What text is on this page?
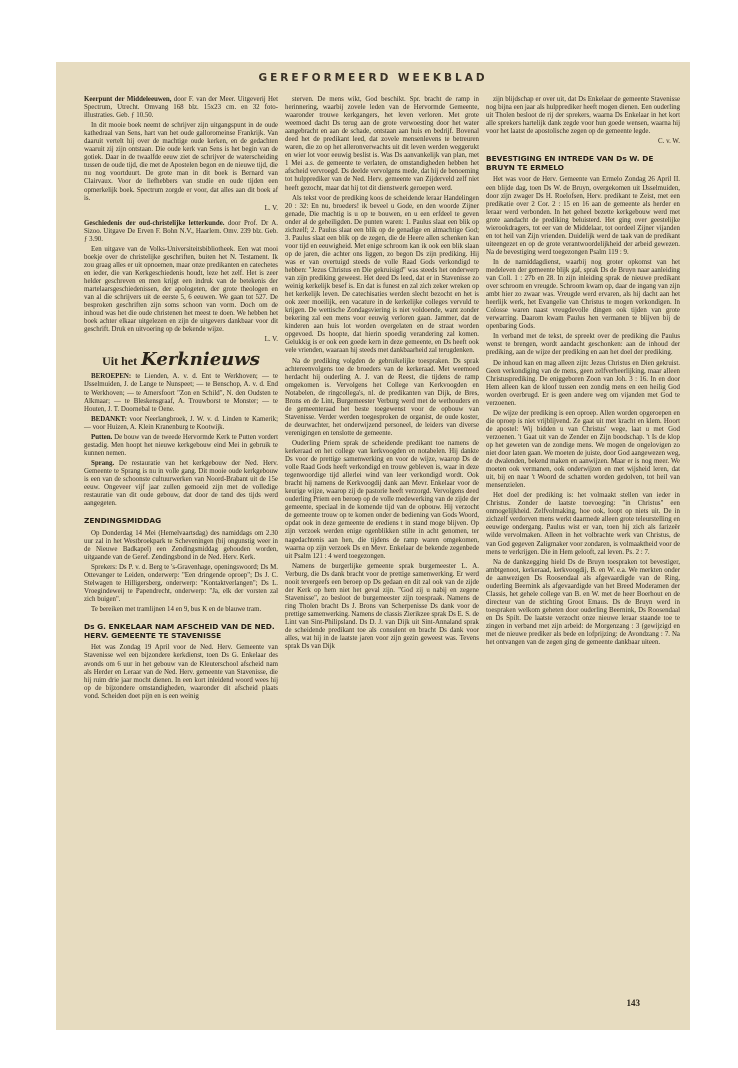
GEREFORMEERD WEEKBLAD

Keerpunt der Middeleeuwen, door F. van der Meer. Uitgeverij Het Spectrum, Utrecht. Omvang 168 blz. 15x23 cm. en 32 foto-illustraties. Geb. ƒ 10.50.

In dit mooie boek neemt de schrijver zijn uitgangspunt in de oude kathedraal van Sens, hart van het oude galloromeinse Frankrijk. Van daaruit vertelt hij over de machtige oude kerken, en de gedachten waaruit zij zijn ontstaan. Die oude kerk van Sens is het begin van de gotiek. Daar in de twaalfde eeuw ziet de schrijver de waterscheiding tussen de oude tijd, die met de Apostelen begon en de nieuwe tijd, die nu nog voortduurt. De grote man in dit boek is Bernard van Clairvaux. Voor de liefhebbers van studie en oude tijden een opmerkelijk boek. Spectrum zorgde er voor, dat alles aan dit boek af is.

L. V.

Geschiedenis der oud-christelijke letterkunde. door Prof. Dr A. Sizoo. Uitgave De Erven F. Bohn N.V., Haarlem. Omv. 239 blz. Geb. ƒ 3.90.

Een uitgave van de Volks-Universiteitsbibliotheek. Een wat mooi boekje over de christelijke geschriften, buiten het N. Testament. Ik zou graag alles er uit opnoemen, maar onze predikanten en catechetes en ieder, die van Kerkgeschiedenis houdt, leze het zelf. Het is zeer helder geschreven en men krijgt een indruk van de betekenis der martelaarsgeschiedenissen, der apologeten, der grote theologen en van al die schrijvers uit de eerste 5, 6 eeuwen. We gaan tot 527. De besproken geschriften zijn soms schoon van vorm. Doch om de inhoud was het die oude christenen het meest te doen. We hebben het boek achter elkaar uitgelezen en zijn de uitgevers dankbaar voor dit geschrift. Druk en uitvoering op de bekende wijze.

L. V.
Uit het Kerknieuws

BEROEPEN: te Lienden, A. v. d. Ent te Werkhoven; — te IJsselmuiden, J. de Lange te Nunspeet; — te Benschop, A. v. d. End te Werkhoven; — te Amersfoort "Zon en Schild", N. den Oudsten te Alkmaar; — te Bleskensgraaf, A. Trouwborst te Monster; — te Houten, J. T. Doornebal te Oene.

BEDANKT: voor Neerlangbroek, J. W. v. d. Linden te Kamerik; — voor Huizen, A. Klein Kranenburg te Kootwijk.

Putten. De bouw van de tweede Hervormde Kerk te Putten vordert gestadig. Men hoopt het nieuwe kerkgebouw eind Mei in gebruik te kunnen nemen.

Sprang. De restauratie van het kerkgebouw der Ned. Herv. Gemeente te Sprang is nu in volle gang. Dit mooie oude kerkgebouw is een van de schoonste cultuurwerken van Noord-Brabant uit de 15e eeuw. Ongeveer vijf jaar zullen gemoeid zijn met de volledige restauratie van dit oude gebouw, dat door de tand des tijds werd aangegeten.

ZENDINGSMIDDAG

Op Donderdag 14 Mei (Hemelvaartsdag) des namiddags om 2.30 uur zal in het Westbroekpark te Scheveningen (bij ongunstig weer in de Nieuwe Badkapel) een Zendingsmiddag gehouden worden, uitgaande van de Geref. Zendingsbond in de Ned. Herv. Kerk.

Sprekers: Ds P. v. d. Berg te 's-Gravenhage, openingswoord; Ds M. Ottevanger te Leiden, onderwerp: "Een dringende oproep"; Ds J. C. Stelwagen te Hilligersberg, onderwerp: "Kontaktverlangen"; Ds L. Vroegindeweij te Papendrecht, onderwerp: "Ja, elk der vorsten zal zich buigen".

Te bereiken met tramlijnen 14 en 9, bus K en de blauwe tram.

Ds G. ENKELAAR NAM AFSCHEID VAN DE NED. HERV. GEMEENTE TE STAVENISSE

Het was Zondag 19 April voor de Ned. Herv. Gemeente van Stavenisse wel een bijzondere kerkdienst, toen Ds G. Enkelaar des avonds om 6 uur in het gebouw van de Kleuterschool afscheid nam als Herder en Leraar van de Ned. Herv. gemeente van Stavenisse, die hij ruim drie jaar mocht dienen. In een kort inleidend woord wees hij op de bijzondere omstandigheden, waaronder dit afscheid plaats vond. Scheiden doet pijn en is een weinig

sterven. De mens wikt, God beschikt. Spr. bracht de ramp in herinnering, waarbij zovele leden van de Hervormde Gemeente, waaronder trouwe kerkgangers, het leven verloren. Met grote weemoed dacht Ds terug aan de grote verwoesting door het water aangebracht en aan de schade, ontstaan aan huis en bedrijf. Bovenal deed het de predikant leed, dat zovele mensenlevens te betreuren waren, die zo op het alleronverwachts uit dit leven werden weggerukt en wier lot voor eeuwig beslist is. Was Ds aanvankelijk van plan, met 1 Mei a.s. de gemeente te verlaten, de omstandigheden hebben het afscheid vervroegd. Ds deelde vervolgens mede, dat hij de benoeming tot hulpprediker van de Ned. Herv. gemeente van Zijderveld zelf niet heeft gezocht, maar dat hij tot dit dienstwerk geroepen werd.

Als tekst voor de prediking koos de scheidende leraar Handelingen 20 : 32: En nu, broeders! ik beveel u Gode, en den woorde Zijner genade, Die machtig is u op te bouwen, en u een erfdeel te geven onder al de geheiligden. De punten waren: 1. Paulus slaat een blik op zichzelf; 2. Paulus slaat een blik op de genadige en almachtige God; 3. Paulus slaat een blik op de zegen, die de Heere allen schenken kan voor tijd en eeuwigheid. Met enige schroom kan ik ook een blik slaan op de jaren, die achter ons liggen, zo begon Ds zijn prediking. Hij was er van overtuigd steeds de volle Raad Gods verkondigd te hebben: "Jezus Christus en Die gekruisigd" was steeds het onderwerp van zijn prediking geweest. Het deed Ds leed, dat er in Stavenisse zo weinig kerkelijk besef is. En dat is funest en zal zich zeker wreken op het kerkelijk leven. De catechisaties werden slecht bezocht en het is ook zeer moeilijk, een vacature in de kerkelijke colleges vervuld te krijgen. De wettische Zondagsviering is niet voldoende, want zonder bekering zal een mens voor eeuwig verloren gaan. Jammer, dat de kinderen aan huis lot worden overgelaten en de straat worden opgevoed. Ds hoopte, dat hierin spoedig verandering zal komen. Gelukkig is er ook een goede kern in deze gemeente, en Ds heeft ook vele vrienden, waaraan hij steeds met dankbaarheid zal terugdenken.

Na de prediking volgden de gebruikelijke toespraken. Ds sprak achtereenvolgens toe de broeders van de kerkeraad. Met weemoed herdacht hij ouderling A. J. van de Reest, die tijdens de ramp omgekomen is. Vervolgens het College van Kerkvoogden en Notabelen, de ringcollega's, nl. de predikanten van Dijk, de Bres, Brons en de Lint, Burgemeester Verburg werd met de wethouders en de gemeenteraad het beste toegewenst voor de opbouw van Stavenisse. Verder werden toegesproken de organist, de oude koster, de deurwachter, het onderwijzend personeel, de leiders van diverse verenigingen en tenslotte de gemeente.

Ouderling Priem sprak de scheidende predikant toe namens de kerkeraad en het college van kerkvoogden en notabelen. Hij dankte Ds voor de prettige samenwerking en voor de wijze, waarop Ds de volle Raad Gods heeft verkondigd en trouw gebleven is, waar in deze tegenwoordige tijd allerlei wind van leer verkondigd wordt. Ook bracht hij namens de Kerkvoogdij dank aan Mevr. Enkelaar voor de keurige wijze, waarop zij de pastorie heeft verzorgd. Vervolgens deed ouderling Priem een beroep op de volle medewerking van de zijde der gemeente, speciaal in de komende tijd van de opbouw. Hij verzocht de gemeente trouw op te komen onder de bediening van Gods Woord, opdat ook in deze gemeente de erediens t in stand moge blijven. Op zijn verzoek werden enige ogenblikken stilte in acht genomen, ter nagedachtenis aan hen, die tijdens de ramp waren omgekomen, waarna op zijn verzoek Ds en Mevr. Enkelaar de bekende zegenbede uit Psalm 121 : 4 werd toegezongen.

Namens de burgerlijke gemeente sprak burgemeester L. A. Verburg, die Ds dank bracht voor de prettige samenwerking. Er werd nooit tevergeefs een beroep op Ds gedaan en dit zal ook van de zijde der Kerk op hem niet het geval zijn. "God zij u nabij en zegene Stavenisse", zo besloot de burgemeester zijn toespraak. Namens de ring Tholen bracht Ds J. Brons van Scherpenisse Ds dank voor de prettige samenwerking. Namens de classis Zierikzee sprak Ds E. S. de Lint van Sint-Philipsland. Ds D. J. van Dijk uit Sint-Annaland sprak de scheidende predikant toe als consulent en bracht Ds dank voor alles, wat hij in de laatste jaren voor zijn gezin geweest was. Tevens sprak Ds van Dijk

zijn blijdschap er over uit, dat Ds Enkelaar de gemeente Stavenisse nog bijna een jaar als hulpprediker heeft mogen dienen. Een ouderling uit Tholen besloot de rij der sprekers, waarna Ds Enkelaar in het kort alle sprekers hartelijk dank zegde voor hun goede wensen, waarna hij voor het laatst de apostolische zegen op de gemeente legde.

C. v. W.
BEVESTIGING EN INTREDE VAN Ds W. DE BRUYN TE ERMELO

Het was voor de Herv. Gemeente van Ermelo Zondag 26 April II. een blijde dag, toen Ds W. de Bruyn, overgekomen uit IJsselmuiden, door zijn zwager Ds H. Roelofsen, Herv. predikant te Zeist, met een predikatie over 2 Cor. 2 : 15 en 16 aan de gemeente als herder en leraar werd verbonden. In het geheel bezette kerkgebouw werd met grote aandacht de prediking beluisterd. Het ging over geestelijke wierookdragers, tot eer van de Middelaar, tot oordeel Zijner vijanden en tot heil van Zijn vrienden. Duidelijk werd de taak van de predikant uiteengezet en op de grote verantwoordelijkheid der arbeid gewezen. Na de bevestiging werd toegezongen Psalm 119 : 9.

In de namiddagdienst, waarbij nog groter opkomst van het medeleven der gemeente blijk gaf, sprak Ds de Bruyn naar aanleiding van Coll. 1 : 27b en 28. In zijn inleiding sprak de nieuwe predikant over schroom en vreugde. Schroom kwam op, daar de ingang van zijn ambt hier zo zwaar was. Vreugde werd ervaren, als hij dacht aan het heerlijk werk, het Evangelie van Christus te mogen verkondigen. In Colosse waren naast vreugdevolle dingen ook tijden van grote verwarring. Daarom kwam Paulus hen vermanen te blijven bij de openbaring Gods.

In verband met de tekst, de spreekt over de prediking die Paulus wenst te brengen, wordt aandacht geschonken: aan de inhoud der prediking, aan de wijze der prediking en aan het doel der prediking.

De inhoud kan en mag alleen zijn: Jezus Christus en Dien gekruist. Geen verkondiging van de mens, geen zelfverheerlijking, maar alleen Christusprediking. De eniggeboren Zoon van Joh. 3 : 16. In en door Hem alleen kan de kloof tussen een zondig mens en een heilig God worden overbrugd. Er is geen andere weg om vijanden met God te verzoenen.

De wijze der prediking is een oproep. Allen worden opgeroepen en die oproep is niet vrijblijvend. Ze gaat uit met kracht en klem. Hoort de apostel: Wij bidden u van Christus' wege, laat u met God verzoenen. 't Gaat uit van de Zender en Zijn boodschap. 't Is de klop op het geweten van de zondige mens. We mogen de ongelovigen zo niet door laten gaan. We moeten de juiste, door God aangewezen weg, de dwalenden, bekend maken en aanwijzen. Maar er is nog meer. We moeten ook vermanen, ook onderwijzen en met wijsheid leren, dat uit, bij en naar 't Woord de schatten worden gedolven, tot heil van mensenzielen.

Het doel der prediking is: het volmaakt stellen van ieder in Christus. Zonder de laatste toevoeging: "in Christus" een onmogelijkheid. Zelfvolmaking, hoe ook, loopt op niets uit. De in zichzelf verdorven mens werkt daarmede alleen grote teleurstelling en eeuwige ondergang. Paulus wist er van, toen hij zich als farizeër wilde vervolmaken. Alleen in het volbrachte werk van Christus, de van God gegeven Zaligmaker voor zondaren, is volmaaktheid voor de mens te verkrijgen. Die in Hem gelooft, zal leven. Ps. 2 : 7.

Na de dankzegging hield Ds de Bruyn toespraken tot bevestiger, ambtgenoot, kerkeraad, kerkvoogdij, B. en W. e.a. We merkten onder de aanwezigen Ds Roosendaal als afgevaardigde van de Ring, ouderling Beernink als afgevaardigde van het Breed Moderamen der Classis, het gehele college van B. en W. met de heer Boerhout en de directeur van de stichting Groot Emaus. Ds de Bruyn werd in toespraken welkom geheten door ouderling Beernink, Ds Roosendaal en Ds Spilt. De laatste verzocht onze nieuwe leraar staande toe te zingen in verband met zijn arbeid: de Morgenzang : 3 (gewijzigd en met de nieuwe prediker als bede en lofprijzing: de Avondzang : 7. Na het ontvangen van de zegen ging de gemeente dankbaar uiteen.

143
